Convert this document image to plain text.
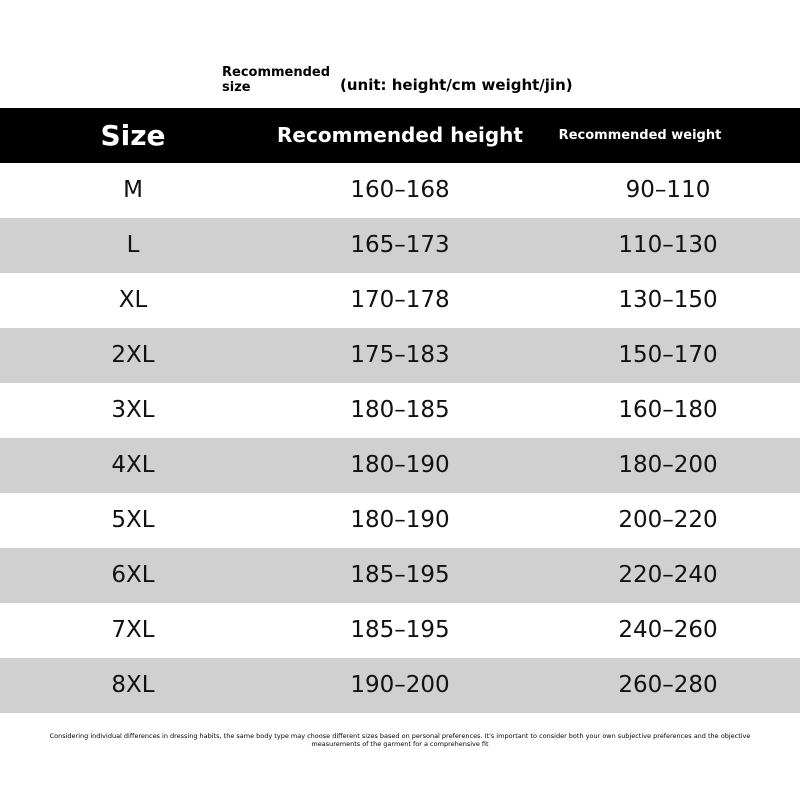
Recommended size	(unit: height/cm weight/jin)
Size	Recommended height	Recommended weight
M	160–168	90–110
L	165–173	110–130
XL	170–178	130–150
2XL	175–183	150–170
3XL	180–185	160–180
4XL	180–190	180–200
5XL	180–190	200–220
6XL	185–195	220–240
7XL	185–195	240–260
8XL	190–200	260–280
Considering individual differences in dressing habits, the same body type may choose different sizes based on personal preferences. It's important to consider both your own subjective preferences and the objective measurements of the garment for a comprehensive fit
